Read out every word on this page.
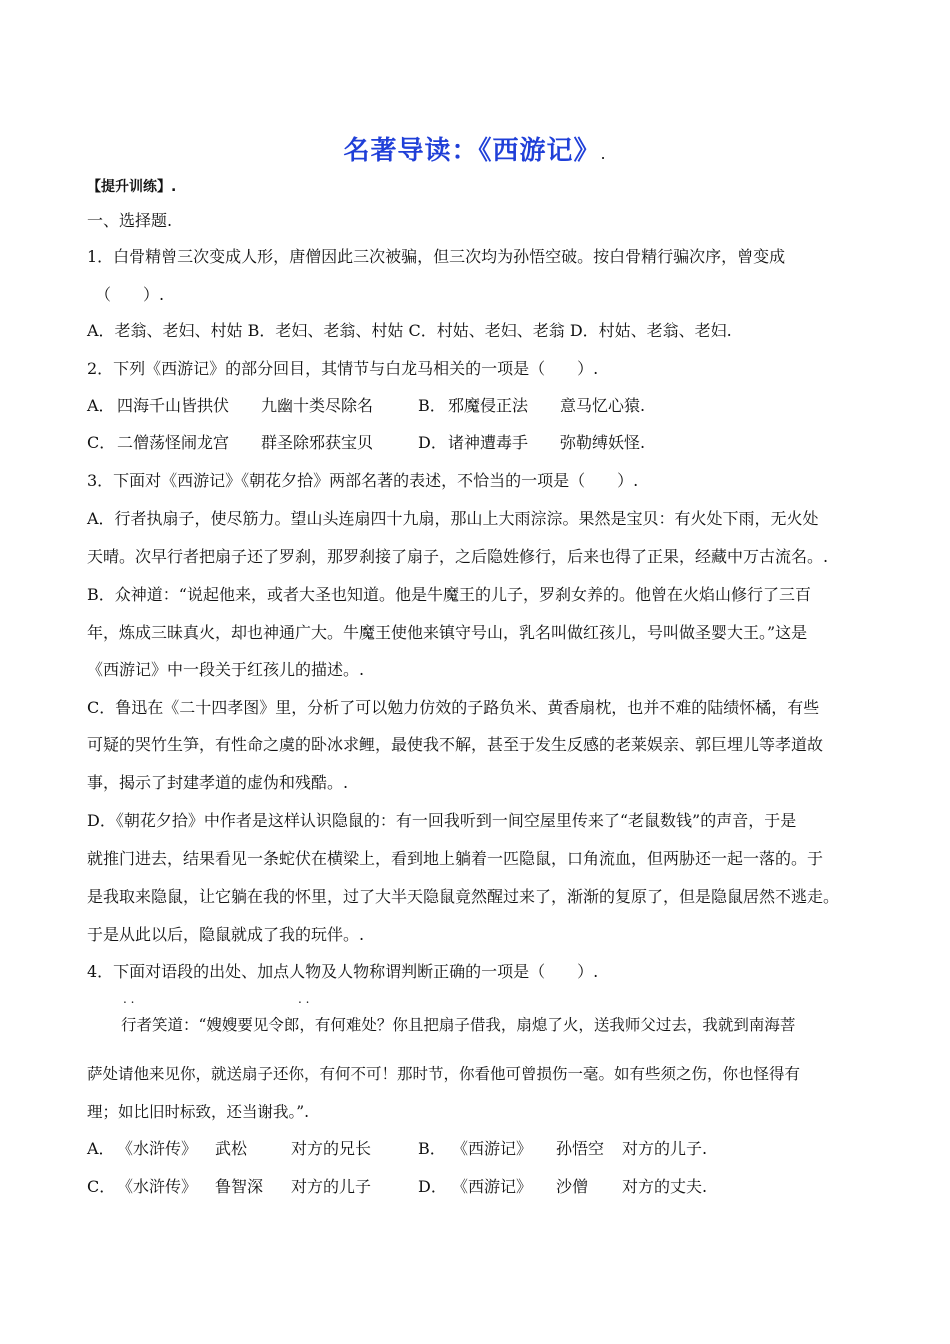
名著导读：《西游记》.
【提升训练】.
一、选择题.
1．白骨精曾三次变成人形，唐僧因此三次被骗，但三次均为孙悟空破。按白骨精行骗次序，曾变成
（　　）.
A．老翁、老妇、村姑 B．老妇、老翁、村姑 C．村姑、老妇、老翁 D．村姑、老翁、老妇.
2．下列《西游记》的部分回目，其情节与白龙马相关的一项是（　　）.
A． 四海千山皆拱伏　　九幽十类尽除名	B． 邪魔侵正法　　意马忆心猿.
C． 二僧荡怪闹龙宫　　群圣除邪获宝贝	D． 诸神遭毒手　　弥勒缚妖怪.
3．下面对《西游记》《朝花夕拾》两部名著的表述，不恰当的一项是（　　）.
A．行者执扇子，使尽筋力。望山头连扇四十九扇，那山上大雨淙淙。果然是宝贝：有火处下雨，无火处
天晴。次早行者把扇子还了罗刹，那罗刹接了扇子，之后隐姓修行，后来也得了正果，经藏中万古流名。.
B．众神道：“说起他来，或者大圣也知道。他是牛魔王的儿子，罗刹女养的。他曾在火焰山修行了三百
年，炼成三昧真火，却也神通广大。牛魔王使他来镇守号山，乳名叫做红孩儿，号叫做圣婴大王。”这是
《西游记》中一段关于红孩儿的描述。.
C．鲁迅在《二十四孝图》里，分析了可以勉力仿效的子路负米、黄香扇枕，也并不难的陆绩怀橘，有些
可疑的哭竹生笋，有性命之虞的卧冰求鲤，最使我不解，甚至于发生反感的老莱娱亲、郭巨埋儿等孝道故
事，揭示了封建孝道的虚伪和残酷。.
D．《朝花夕拾》中作者是这样认识隐鼠的：有一回我听到一间空屋里传来了“老鼠数钱”的声音，于是
就推门进去，结果看见一条蛇伏在横梁上，看到地上躺着一匹隐鼠，口角流血，但两胁还一起一落的。于
是我取来隐鼠，让它躺在我的怀里，过了大半天隐鼠竟然醒过来了，渐渐的复原了，但是隐鼠居然不逃走。
于是从此以后，隐鼠就成了我的玩伴。.
4．下面对语段的出处、加点人物及人物称谓判断正确的一项是（　　）.
. .	. .
行者笑道：“嫂嫂要见令郎，有何难处？你且把扇子借我，扇熄了火，送我师父过去，我就到南海菩
萨处请他来见你，就送扇子还你，有何不可！那时节，你看他可曾损伤一毫。如有些须之伤，你也怪得有
理；如比旧时标致，还当谢我。”.
A． 《水浒传》 武松	对方的兄长	B． 《西游记》 孙悟空 对方的儿子.
C． 《水浒传》 鲁智深 对方的儿子	D． 《西游记》 沙僧 对方的丈夫.
